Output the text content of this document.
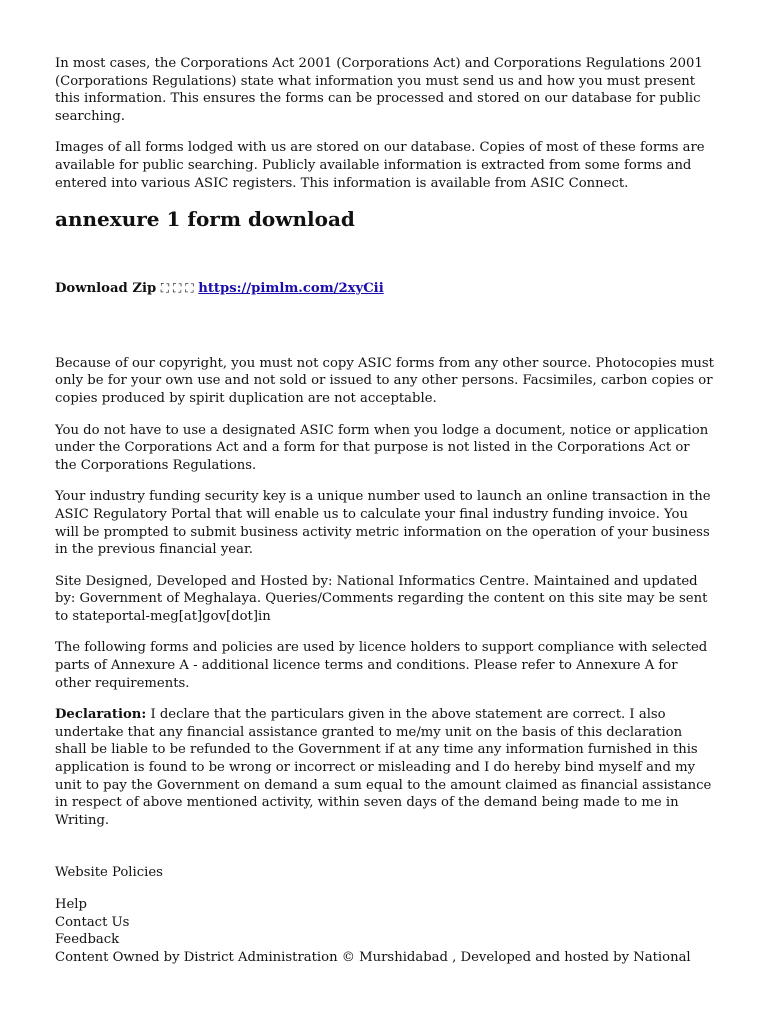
In most cases, the Corporations Act 2001 (Corporations Act) and Corporations Regulations 2001 (Corporations Regulations) state what information you must send us and how you must present this information. This ensures the forms can be processed and stored on our database for public searching.

Images of all forms lodged with us are stored on our database. Copies of most of these forms are available for public searching. Publicly available information is extracted from some forms and entered into various ASIC registers. This information is available from ASIC Connect.

annexure 1 form download
Download Zip ⛶ ⛶ ⛶ https://pimlm.com/2xyCii

Because of our copyright, you must not copy ASIC forms from any other source. Photocopies must only be for your own use and not sold or issued to any other persons. Facsimiles, carbon copies or copies produced by spirit duplication are not acceptable.

You do not have to use a designated ASIC form when you lodge a document, notice or application under the Corporations Act and a form for that purpose is not listed in the Corporations Act or the Corporations Regulations.

Your industry funding security key is a unique number used to launch an online transaction in the ASIC Regulatory Portal that will enable us to calculate your final industry funding invoice. You will be prompted to submit business activity metric information on the operation of your business in the previous financial year.

Site Designed, Developed and Hosted by: National Informatics Centre. Maintained and updated by: Government of Meghalaya. Queries/Comments regarding the content on this site may be sent to stateportal-meg[at]gov[dot]in

The following forms and policies are used by licence holders to support compliance with selected parts of Annexure A - additional licence terms and conditions. Please refer to Annexure A for other requirements.

Declaration: I declare that the particulars given in the above statement are correct. I also undertake that any financial assistance granted to me/my unit on the basis of this declaration shall be liable to be refunded to the Government if at any time any information furnished in this application is found to be wrong or incorrect or misleading and I do hereby bind myself and my unit to pay the Government on demand a sum equal to the amount claimed as financial assistance in respect of above mentioned activity, within seven days of the demand being made to me in Writing.

Website Policies

Help
Contact Us
Feedback
Content Owned by District Administration © Murshidabad , Developed and hosted by National
